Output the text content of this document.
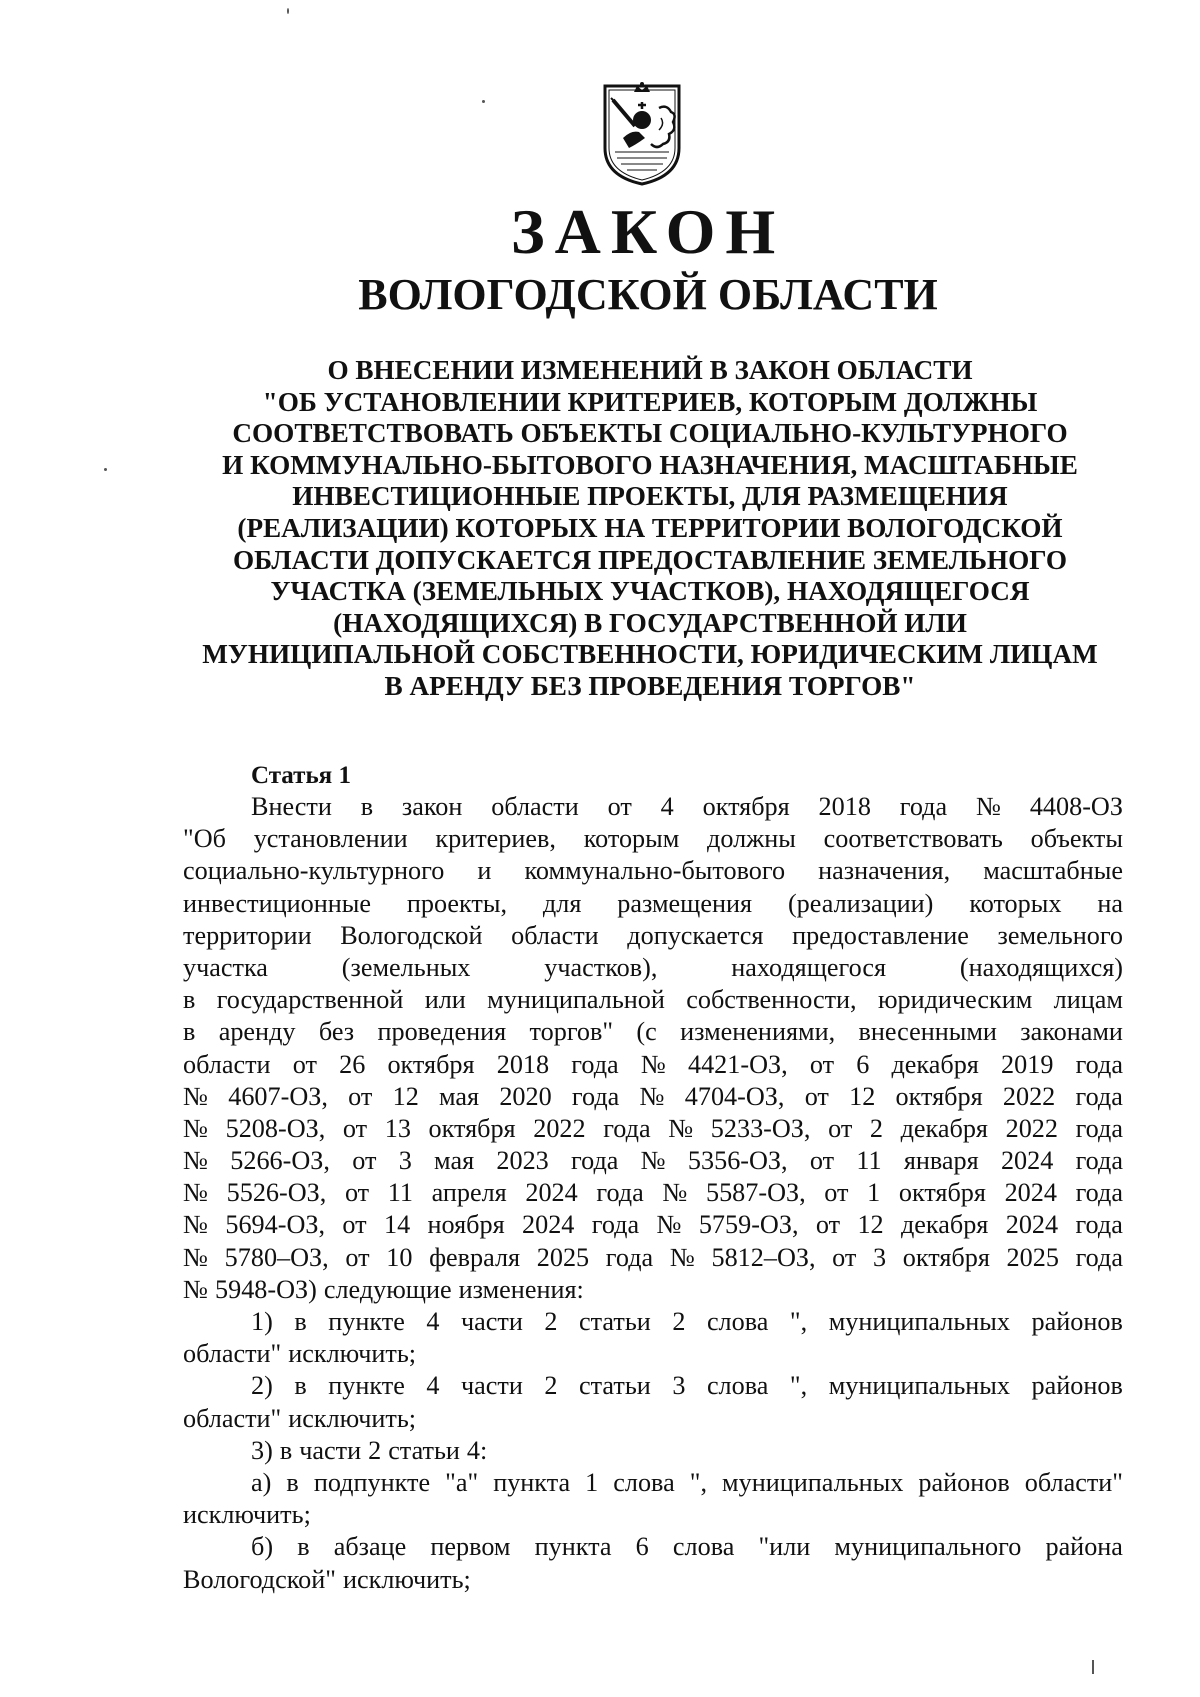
ЗАКОН
ВОЛОГОДСКОЙ ОБЛАСТИ
О ВНЕСЕНИИ ИЗМЕНЕНИЙ В ЗАКОН ОБЛАСТИ
"ОБ УСТАНОВЛЕНИИ КРИТЕРИЕВ, КОТОРЫМ ДОЛЖНЫ
СООТВЕТСТВОВАТЬ ОБЪЕКТЫ СОЦИАЛЬНО-КУЛЬТУРНОГО
И КОММУНАЛЬНО-БЫТОВОГО НАЗНАЧЕНИЯ, МАСШТАБНЫЕ
ИНВЕСТИЦИОННЫЕ ПРОЕКТЫ, ДЛЯ РАЗМЕЩЕНИЯ
(РЕАЛИЗАЦИИ) КОТОРЫХ НА ТЕРРИТОРИИ ВОЛОГОДСКОЙ
ОБЛАСТИ ДОПУСКАЕТСЯ ПРЕДОСТАВЛЕНИЕ ЗЕМЕЛЬНОГО
УЧАСТКА (ЗЕМЕЛЬНЫХ УЧАСТКОВ), НАХОДЯЩЕГОСЯ
(НАХОДЯЩИХСЯ) В ГОСУДАРСТВЕННОЙ ИЛИ
МУНИЦИПАЛЬНОЙ СОБСТВЕННОСТИ, ЮРИДИЧЕСКИМ ЛИЦАМ
В АРЕНДУ БЕЗ ПРОВЕДЕНИЯ ТОРГОВ"
Статья 1
Внести в закон области от 4 октября 2018 года № 4408-ОЗ
"Об установлении критериев, которым должны соответствовать объекты
социально-культурного и коммунально-бытового назначения, масштабные
инвестиционные проекты, для размещения (реализации) которых на
территории Вологодской области допускается предоставление земельного
участка	(земельных	участков),	находящегося	(находящихся)
в государственной или муниципальной собственности, юридическим лицам
в аренду без проведения торгов" (с изменениями, внесенными законами
области от 26 октября 2018 года № 4421-ОЗ, от 6 декабря 2019 года
№ 4607-ОЗ, от 12 мая 2020 года № 4704-ОЗ, от 12 октября 2022 года
№ 5208-ОЗ, от 13 октября 2022 года № 5233-ОЗ, от 2 декабря 2022 года
№ 5266-ОЗ, от 3 мая 2023 года № 5356-ОЗ, от 11 января 2024 года
№ 5526-ОЗ, от 11 апреля 2024 года № 5587-ОЗ, от 1 октября 2024 года
№ 5694-ОЗ, от 14 ноября 2024 года № 5759-ОЗ, от 12 декабря 2024 года
№ 5780–ОЗ, от 10 февраля 2025 года № 5812–ОЗ, от 3 октября 2025 года
№ 5948-ОЗ) следующие изменения:
1) в пункте 4 части 2 статьи 2 слова ", муниципальных районов
области" исключить;
2) в пункте 4 части 2 статьи 3 слова ", муниципальных районов
области" исключить;
3) в части 2 статьи 4:
а) в подпункте "а" пункта 1 слова ", муниципальных районов области"
исключить;
б) в абзаце первом пункта 6 слова "или муниципального района
Вологодской" исключить;
